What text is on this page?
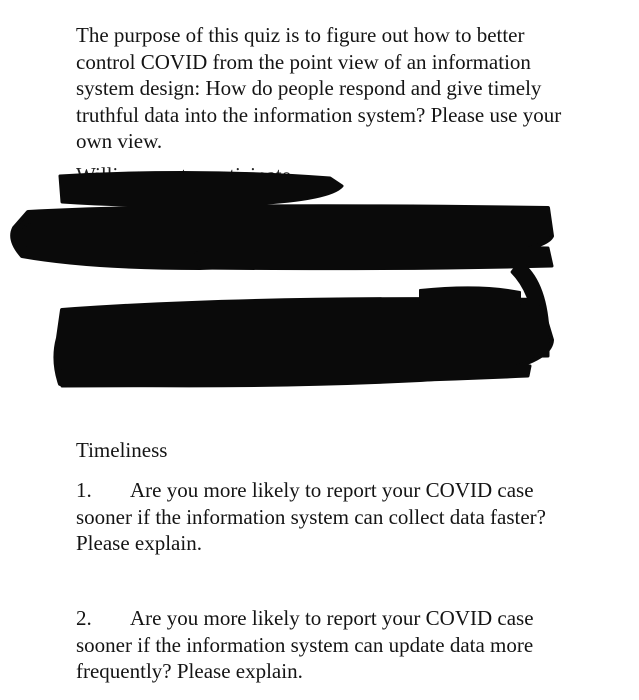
The purpose of this quiz is to figure out how to better control COVID from the point view of an information system design: How do people respond and give timely truthful data into the information system? Please use your own view.

Timeliness

1. Are you more likely to report your COVID case sooner if the information system can collect data faster? Please explain.

2. Are you more likely to report your COVID case sooner if the information system can update data more frequently? Please explain.
